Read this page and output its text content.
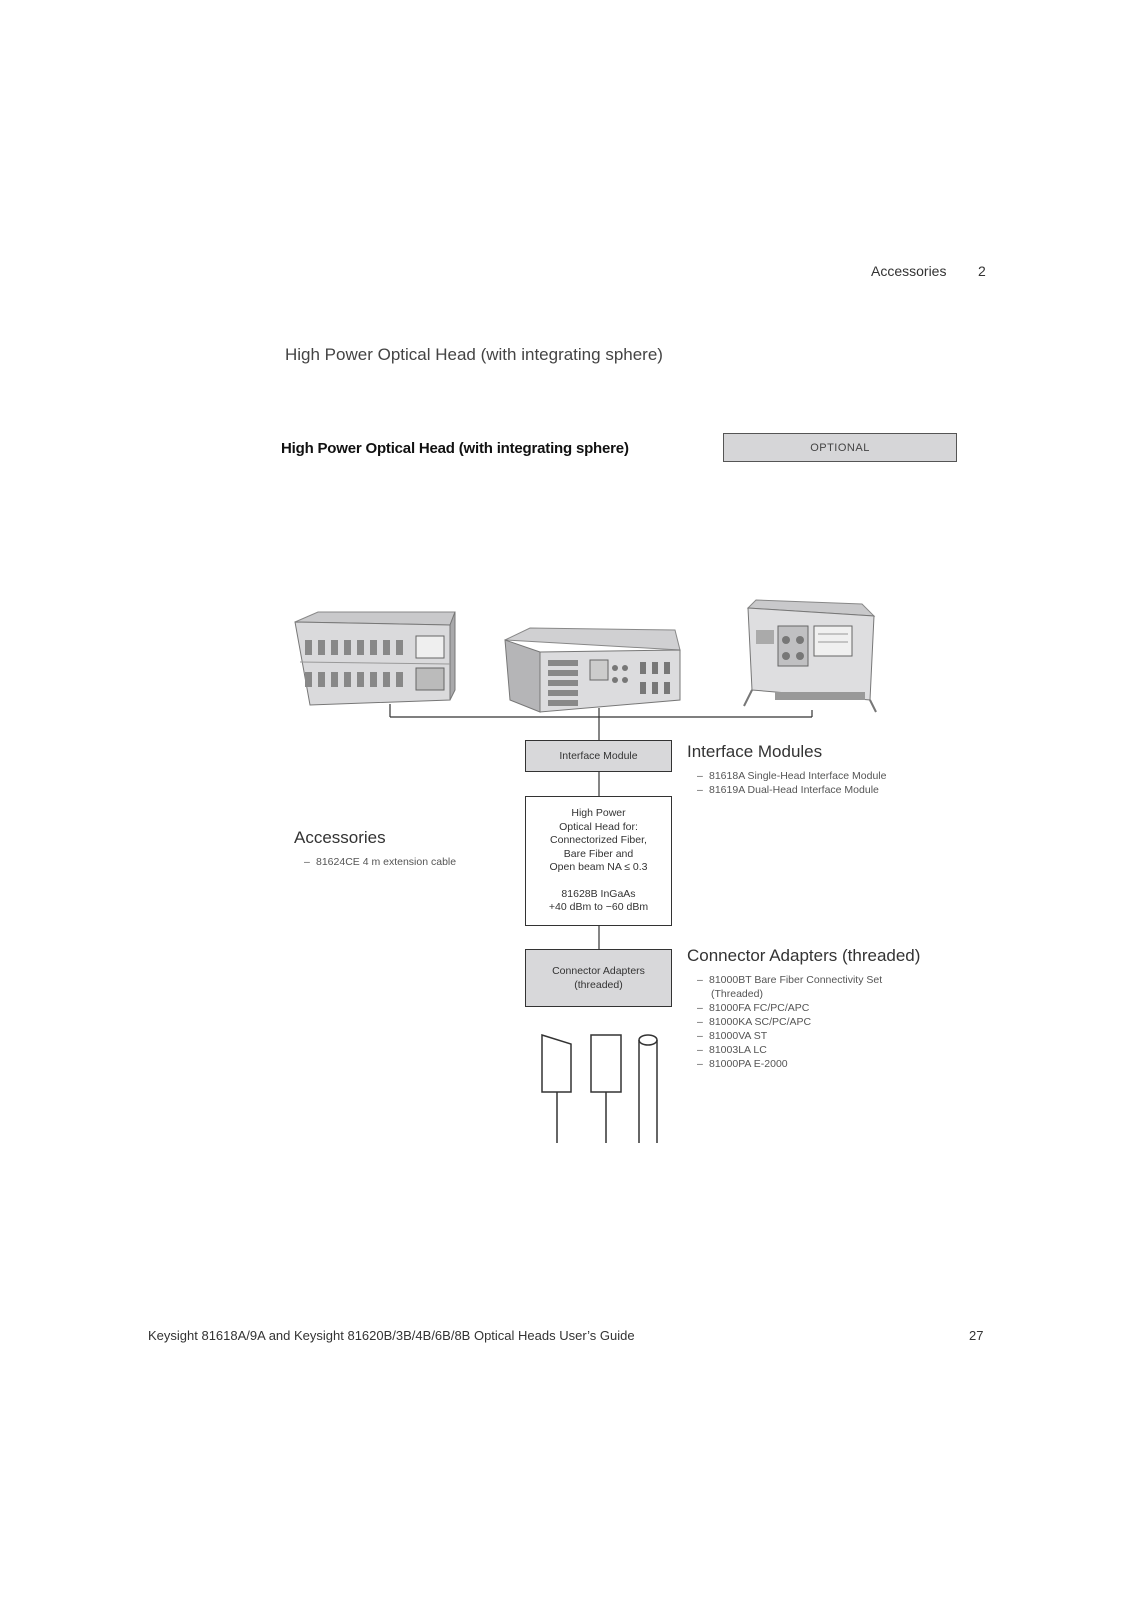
Accessories 2
High Power Optical Head (with integrating sphere)
High Power Optical Head (with integrating sphere)	OPTIONAL
Interface Module
High Power
Optical Head for:
Connectorized Fiber,
Bare Fiber and
Open beam NA ≤ 0.3
81628B InGaAs
+40 dBm to −60 dBm
Connector Adapters
(threaded)
Interface Modules
– 81618A Single-Head Interface Module
– 81619A Dual-Head Interface Module
Accessories
– 81624CE 4 m extension cable
Connector Adapters (threaded)
– 81000BT Bare Fiber Connectivity Set
(Threaded)
– 81000FA FC/PC/APC
– 81000KA SC/PC/APC
– 81000VA ST
– 81003LA LC
– 81000PA E-2000
Keysight 81618A/9A and Keysight 81620B/3B/4B/6B/8B Optical Heads User’s Guide	27
